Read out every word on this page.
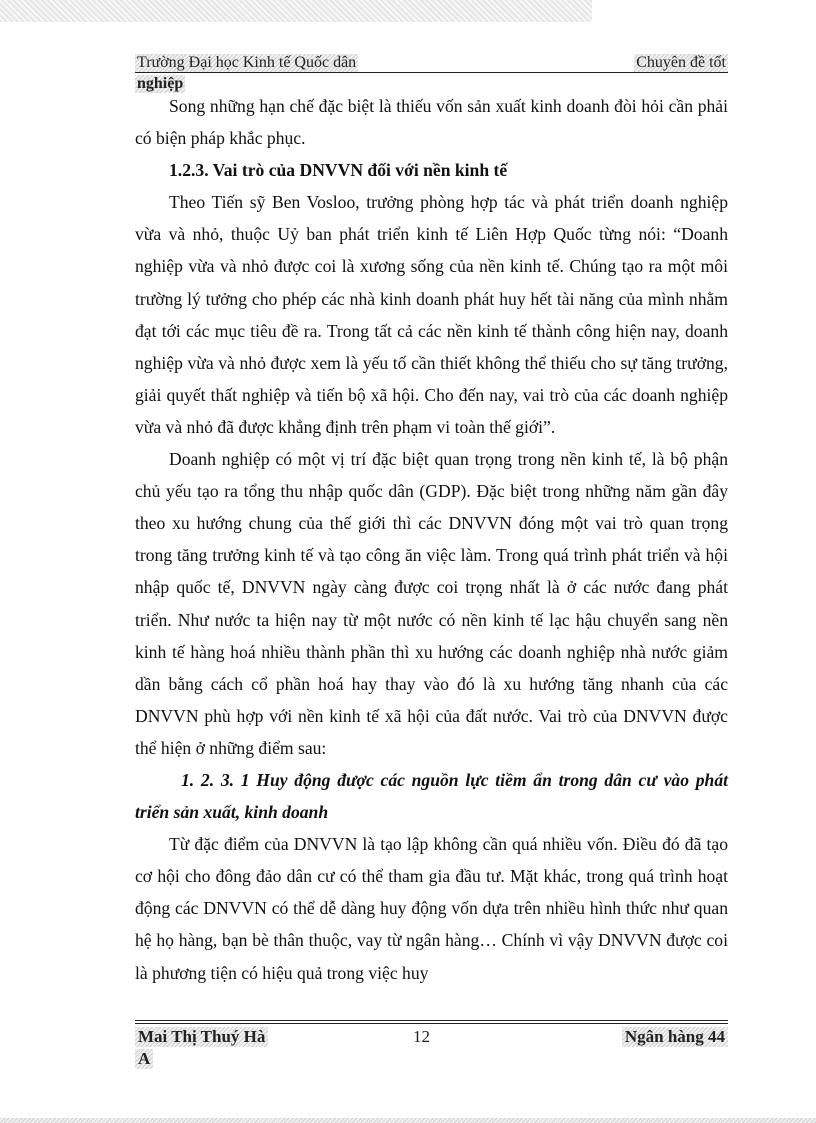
Trường Đại học Kinh tế Quốc dân	Chuyên đề tốt
nghiệp

Song những hạn chế đặc biệt là thiếu vốn sản xuất kinh doanh đòi hỏi cần phải có biện pháp khắc phục.

1.2.3. Vai trò của DNVVN đối với nền kinh tế

Theo Tiến sỹ Ben Vosloo, trưởng phòng hợp tác và phát triển doanh nghiệp vừa và nhỏ, thuộc Uỷ ban phát triển kinh tế Liên Hợp Quốc từng nói: “Doanh nghiệp vừa và nhỏ được coi là xương sống của nền kinh tế. Chúng tạo ra một môi trường lý tưởng cho phép các nhà kinh doanh phát huy hết tài năng của mình nhằm đạt tới các mục tiêu đề ra. Trong tất cả các nền kinh tế thành công hiện nay, doanh nghiệp vừa và nhỏ được xem là yếu tố cần thiết không thể thiếu cho sự tăng trưởng, giải quyết thất nghiệp và tiến bộ xã hội. Cho đến nay, vai trò của các doanh nghiệp vừa và nhỏ đã được khẳng định trên phạm vi toàn thế giới”.

Doanh nghiệp có một vị trí đặc biệt quan trọng trong nền kinh tế, là bộ phận chủ yếu tạo ra tổng thu nhập quốc dân (GDP). Đặc biệt trong những năm gần đây theo xu hướng chung của thế giới thì các DNVVN đóng một vai trò quan trọng trong tăng trưởng kinh tế và tạo công ăn việc làm. Trong quá trình phát triển và hội nhập quốc tế, DNVVN ngày càng được coi trọng nhất là ở các nước đang phát triển. Như nước ta hiện nay từ một nước có nền kinh tế lạc hậu chuyển sang nền kinh tế hàng hoá nhiều thành phần thì xu hướng các doanh nghiệp nhà nước giảm dần bằng cách cổ phần hoá hay thay vào đó là xu hướng tăng nhanh của các DNVVN phù hợp với nền kinh tế xã hội của đất nước. Vai trò của DNVVN được thể hiện ở những điểm sau:

1. 2. 3. 1 Huy động được các nguồn lực tiềm ẩn trong dân cư vào phát triển sản xuất, kinh doanh

Từ đặc điểm của DNVVN là tạo lập không cần quá nhiều vốn. Điều đó đã tạo cơ hội cho đông đảo dân cư có thể tham gia đầu tư. Mặt khác, trong quá trình hoạt động các DNVVN có thể dễ dàng huy động vốn dựa trên nhiều hình thức như quan hệ họ hàng, bạn bè thân thuộc, vay từ ngân hàng… Chính vì vậy DNVVN được coi là phương tiện có hiệu quả trong việc huy

Mai Thị Thuý Hà	12	Ngân hàng 44
A
